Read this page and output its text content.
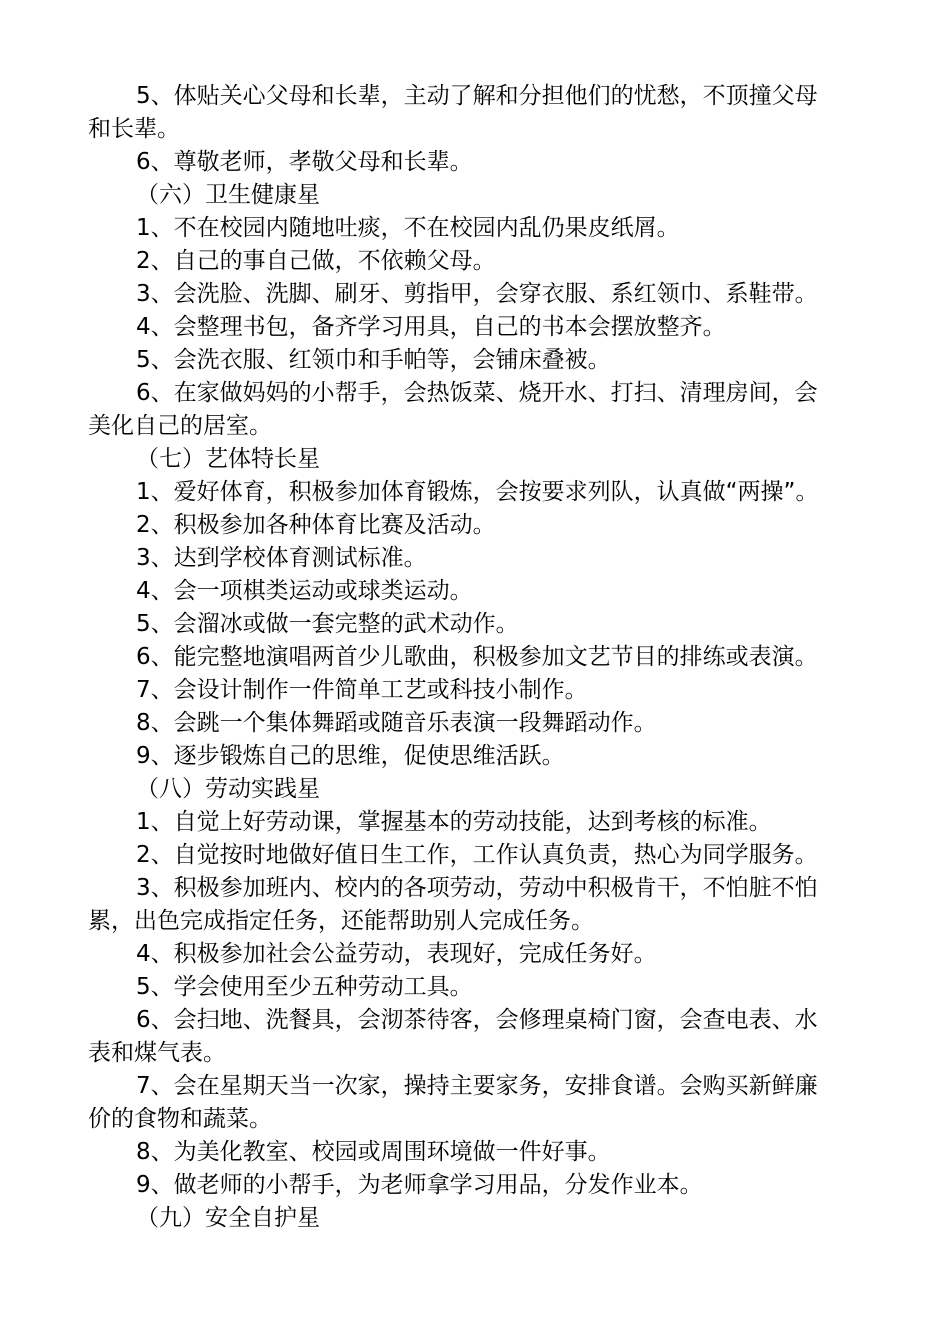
5、体贴关心父母和长辈，主动了解和分担他们的忧愁，不顶撞父母
和长辈。
6、尊敬老师，孝敬父母和长辈。
（六）卫生健康星
1、不在校园内随地吐痰，不在校园内乱仍果皮纸屑。
2、自己的事自己做，不依赖父母。
3、会洗脸、洗脚、刷牙、剪指甲，会穿衣服、系红领巾、系鞋带。
4、会整理书包，备齐学习用具，自己的书本会摆放整齐。
5、会洗衣服、红领巾和手帕等，会铺床叠被。
6、在家做妈妈的小帮手，会热饭菜、烧开水、打扫、清理房间，会
美化自己的居室。
（七）艺体特长星
1、爱好体育，积极参加体育锻炼，会按要求列队，认真做“两操”。
2、积极参加各种体育比赛及活动。
3、达到学校体育测试标准。
4、会一项棋类运动或球类运动。
5、会溜冰或做一套完整的武术动作。
6、能完整地演唱两首少儿歌曲，积极参加文艺节目的排练或表演。
7、会设计制作一件简单工艺或科技小制作。
8、会跳一个集体舞蹈或随音乐表演一段舞蹈动作。
9、逐步锻炼自己的思维，促使思维活跃。
（八）劳动实践星
1、自觉上好劳动课，掌握基本的劳动技能，达到考核的标准。
2、自觉按时地做好值日生工作，工作认真负责，热心为同学服务。
3、积极参加班内、校内的各项劳动，劳动中积极肯干，不怕脏不怕
累，出色完成指定任务，还能帮助别人完成任务。
4、积极参加社会公益劳动，表现好，完成任务好。
5、学会使用至少五种劳动工具。
6、会扫地、洗餐具，会沏茶待客，会修理桌椅门窗，会查电表、水
表和煤气表。
7、会在星期天当一次家，操持主要家务，安排食谱。会购买新鲜廉
价的食物和蔬菜。
8、为美化教室、校园或周围环境做一件好事。
9、做老师的小帮手，为老师拿学习用品，分发作业本。
（九）安全自护星
